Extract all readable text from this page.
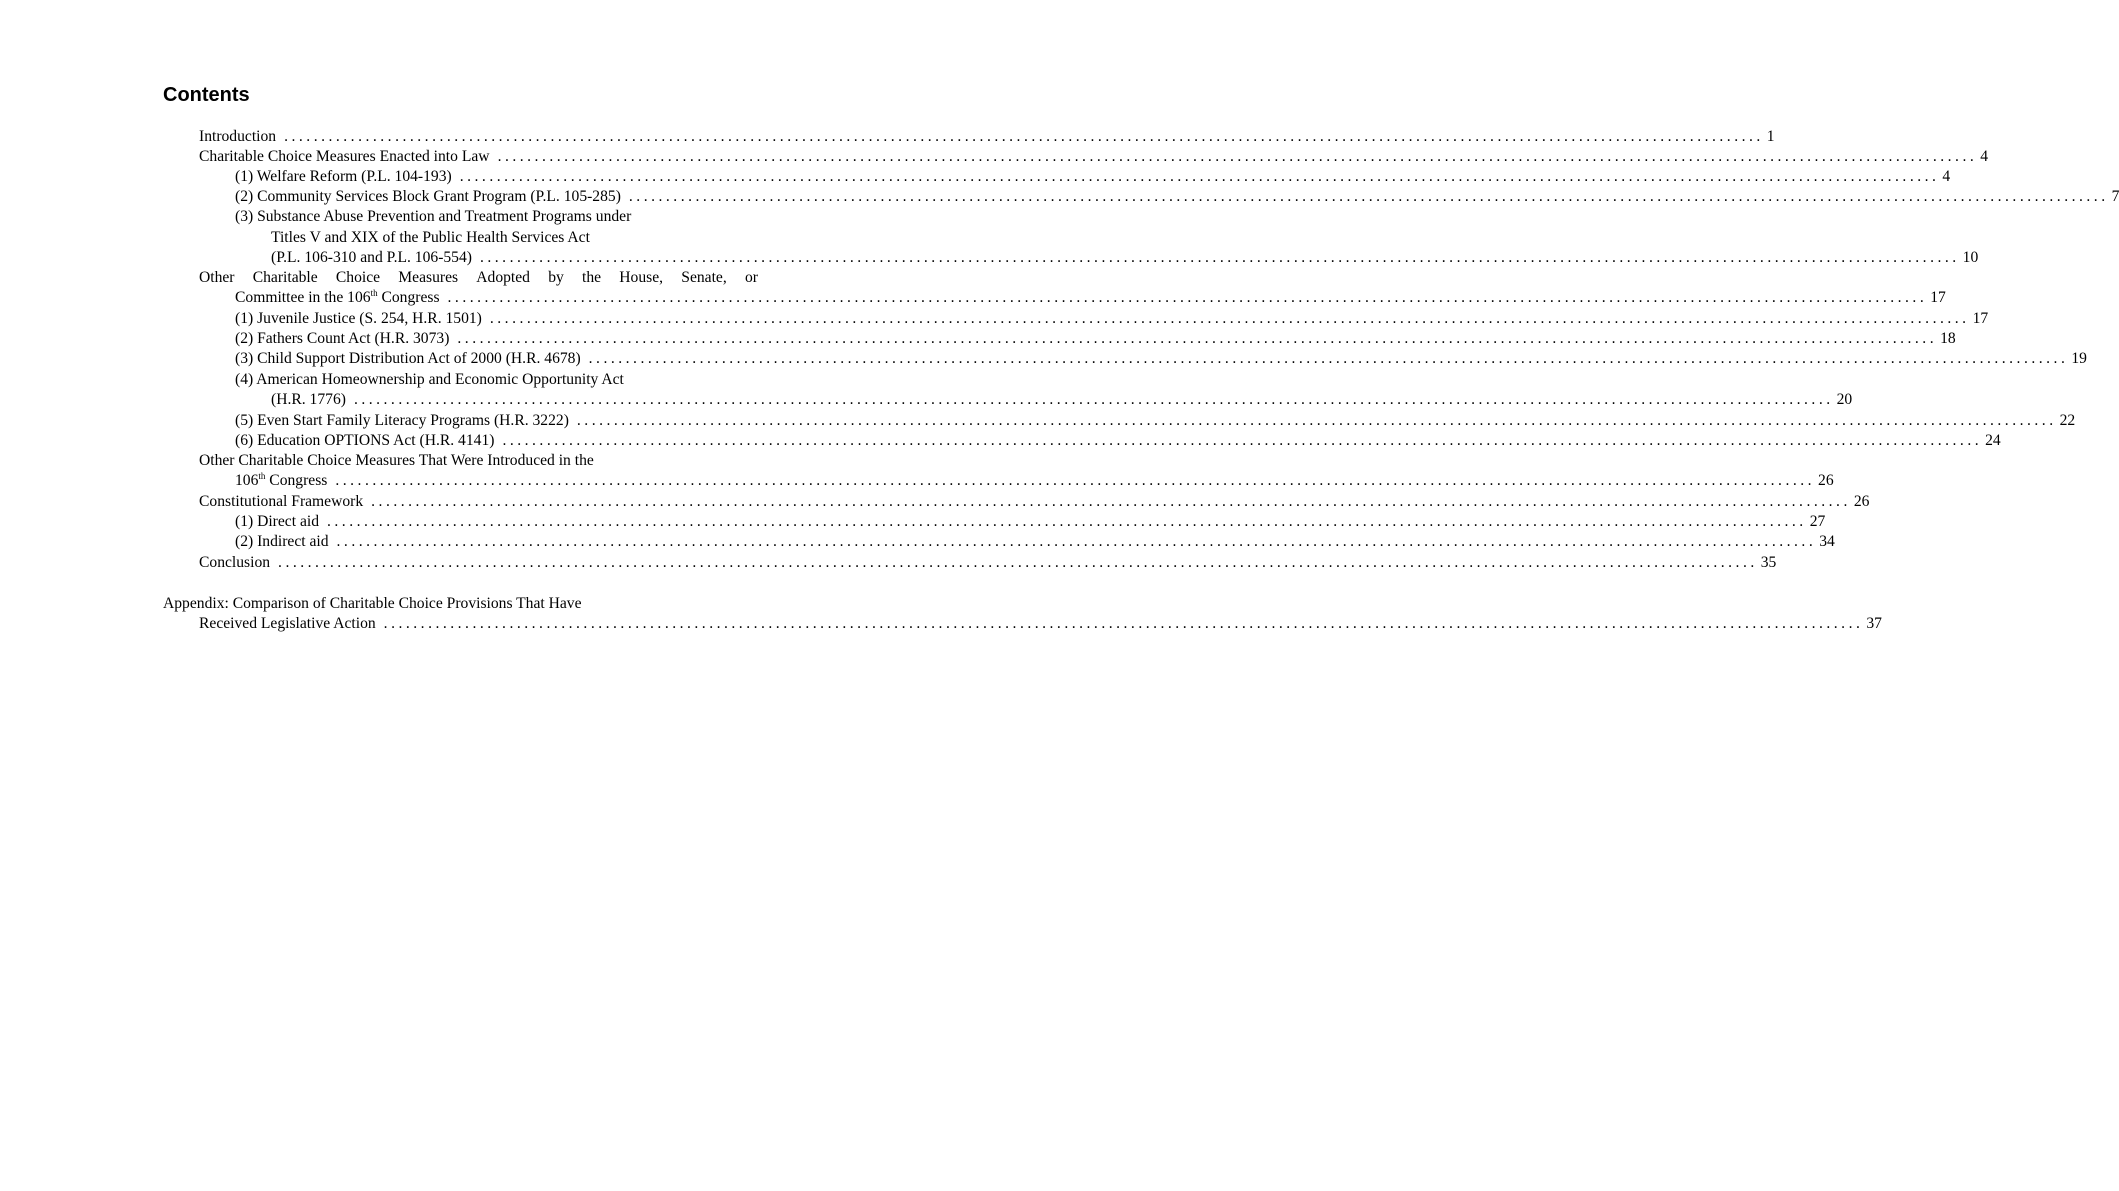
Contents
Introduction ........................................................................................................................................................................................................ 1
Charitable Choice Measures Enacted into Law ........................................................................................................................................................................................................ 4
(1) Welfare Reform (P.L. 104-193) ........................................................................................................................................................................................................ 4
(2) Community Services Block Grant Program (P.L. 105-285) ........................................................................................................................................................................................................ 7
(3) Substance Abuse Prevention and Treatment Programs under
Titles V and XIX of the Public Health Services Act
(P.L. 106-310 and P.L. 106-554) ........................................................................................................................................................................................................ 10
Other Charitable Choice Measures Adopted by the House, Senate, or
Committee in the 106th Congress ........................................................................................................................................................................................................ 17
(1) Juvenile Justice (S. 254, H.R. 1501) ........................................................................................................................................................................................................ 17
(2) Fathers Count Act (H.R. 3073) ........................................................................................................................................................................................................ 18
(3) Child Support Distribution Act of 2000 (H.R. 4678) ........................................................................................................................................................................................................ 19
(4) American Homeownership and Economic Opportunity Act
(H.R. 1776) ........................................................................................................................................................................................................ 20
(5) Even Start Family Literacy Programs (H.R. 3222) ........................................................................................................................................................................................................ 22
(6) Education OPTIONS Act (H.R. 4141) ........................................................................................................................................................................................................ 24
Other Charitable Choice Measures That Were Introduced in the
106th Congress ........................................................................................................................................................................................................ 26
Constitutional Framework ........................................................................................................................................................................................................ 26
(1) Direct aid ........................................................................................................................................................................................................ 27
(2) Indirect aid ........................................................................................................................................................................................................ 34
Conclusion ........................................................................................................................................................................................................ 35
Appendix: Comparison of Charitable Choice Provisions That Have
Received Legislative Action ........................................................................................................................................................................................................ 37
